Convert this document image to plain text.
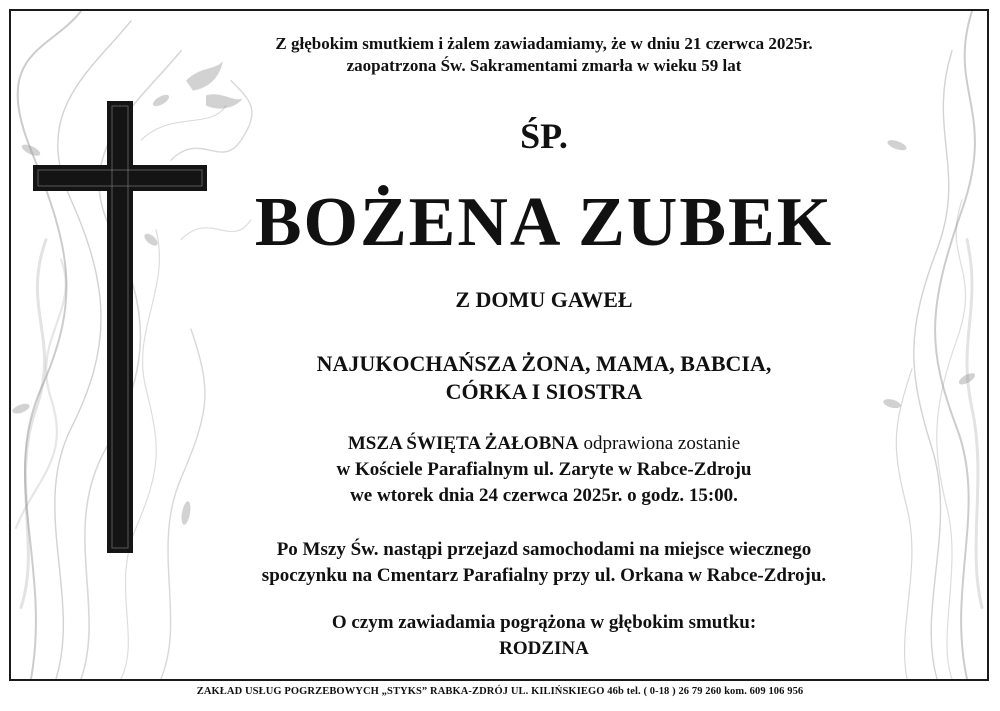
Z głębokim smutkiem i żalem zawiadamiamy, że w dniu 21 czerwca 2025r.
zaopatrzona Św. Sakramentami zmarła w wieku 59 lat
ŚP.
BOŻENA ZUBEK
Z DOMU GAWEŁ
NAJUKOCHAŃSZA ŻONA, MAMA, BABCIA,
CÓRKA I SIOSTRA
MSZA ŚWIĘTA ŻAŁOBNA odprawiona zostanie
w Kościele Parafialnym ul. Zaryte w Rabce-Zdroju
we wtorek dnia 24 czerwca 2025r. o godz. 15:00.
Po Mszy Św. nastąpi przejazd samochodami na miejsce wiecznego
spoczynku na Cmentarz Parafialny przy ul. Orkana w Rabce-Zdroju.
O czym zawiadamia pogrążona w głębokim smutku:
RODZINA
ZAKŁAD USŁUG POGRZEBOWYCH „STYKS” RABKA-ZDRÓJ UL. KILIŃSKIEGO 46b tel. ( 0-18 ) 26 79 260 kom. 609 106 956
